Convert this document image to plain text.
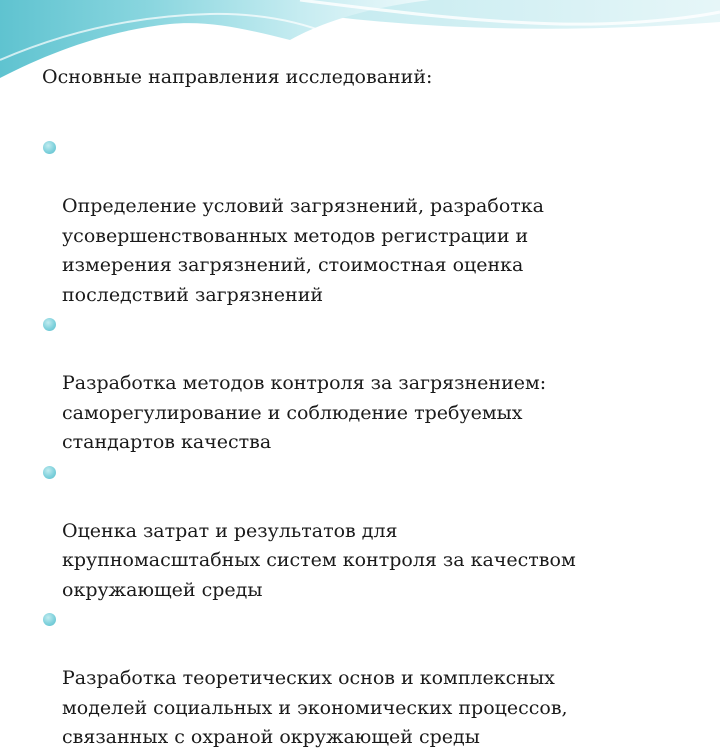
Основные направления исследований:

Определение условий загрязнений, разработка
усовершенствованных методов регистрации и
измерения загрязнений, стоимостная оценка
последствий загрязнений

Разработка методов контроля за загрязнением:
саморегулирование и соблюдение требуемых
стандартов качества

Оценка затрат и результатов для
крупномасштабных систем контроля за качеством
окружающей среды

Разработка теоретических основ и комплексных
моделей социальных и экономических процессов,
связанных с охраной окружающей среды
